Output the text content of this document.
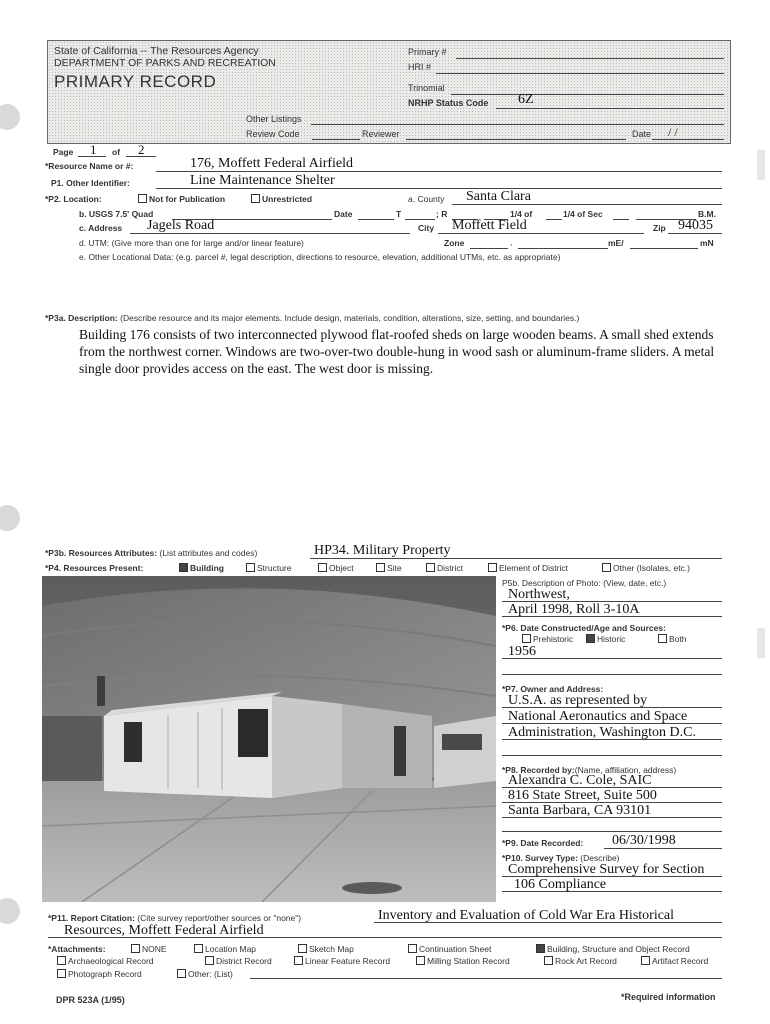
State of California -- The Resources Agency
DEPARTMENT OF PARKS AND RECREATION
PRIMARY RECORD
Primary #
HRI #
Trinomial
NRHP Status Code 6Z
Other Listings
Review Code	Reviewer	Date / /
Page 1 of 2
*Resource Name or #:	176, Moffett Federal Airfield
P1. Other Identifier:	Line Maintenance Shelter
*P2. Location:	Not for Publication	Unrestricted	a. County Santa Clara
b. USGS 7.5' Quad	Date	T	; R	1/4 of	1/4 of Sec	B.M.
c. Address Jagels Road	City Moffett Field	Zip 94035
d. UTM: (Give more than one for large and/or linear feature)	Zone	,	mE/	mN
e. Other Locational Data: (e.g. parcel #, legal description, directions to resource, elevation, additional UTMs, etc. as appropriate)
*P3a. Description: (Describe resource and its major elements. Include design, materials, condition, alterations, size, setting, and boundaries.)
Building 176 consists of two interconnected plywood flat-roofed sheds on large wooden beams. A small shed extends from the northwest corner. Windows are two-over-two double-hung in wood sash or aluminum-frame sliders. A metal single door provides access on the east. The west door is missing.
*P3b. Resources Attributes: (List attributes and codes)	HP34. Military Property
*P4. Resources Present:	Building	Structure	Object	Site	District	Element of District	Other (Isolates, etc.)
P5b. Description of Photo: (View, date, etc.)
Northwest,
April 1998, Roll 3-10A
*P6. Date Constructed/Age and Sources:
Prehistoric	Historic	Both
1956
*P7. Owner and Address:
U.S.A. as represented by
National Aeronautics and Space
Administration, Washington D.C.
*P8. Recorded by:(Name, affiliation, address)
Alexandra C. Cole, SAIC
816 State Street, Suite 500
Santa Barbara, CA 93101
*P9. Date Recorded: 06/30/1998
*P10. Survey Type: (Describe)
Comprehensive Survey for Section
106 Compliance
*P11. Report Citation: (Cite survey report/other sources or "none")	Inventory and Evaluation of Cold War Era Historical
Resources, Moffett Federal Airfield
*Attachments:	NONE	Location Map	Sketch Map	Continuation Sheet	Building, Structure and Object Record
Archaeological Record	District Record	Linear Feature Record	Milling Station Record	Rock Art Record	Artifact Record
Photograph Record	Other: (List)
DPR 523A (1/95)	*Required information
